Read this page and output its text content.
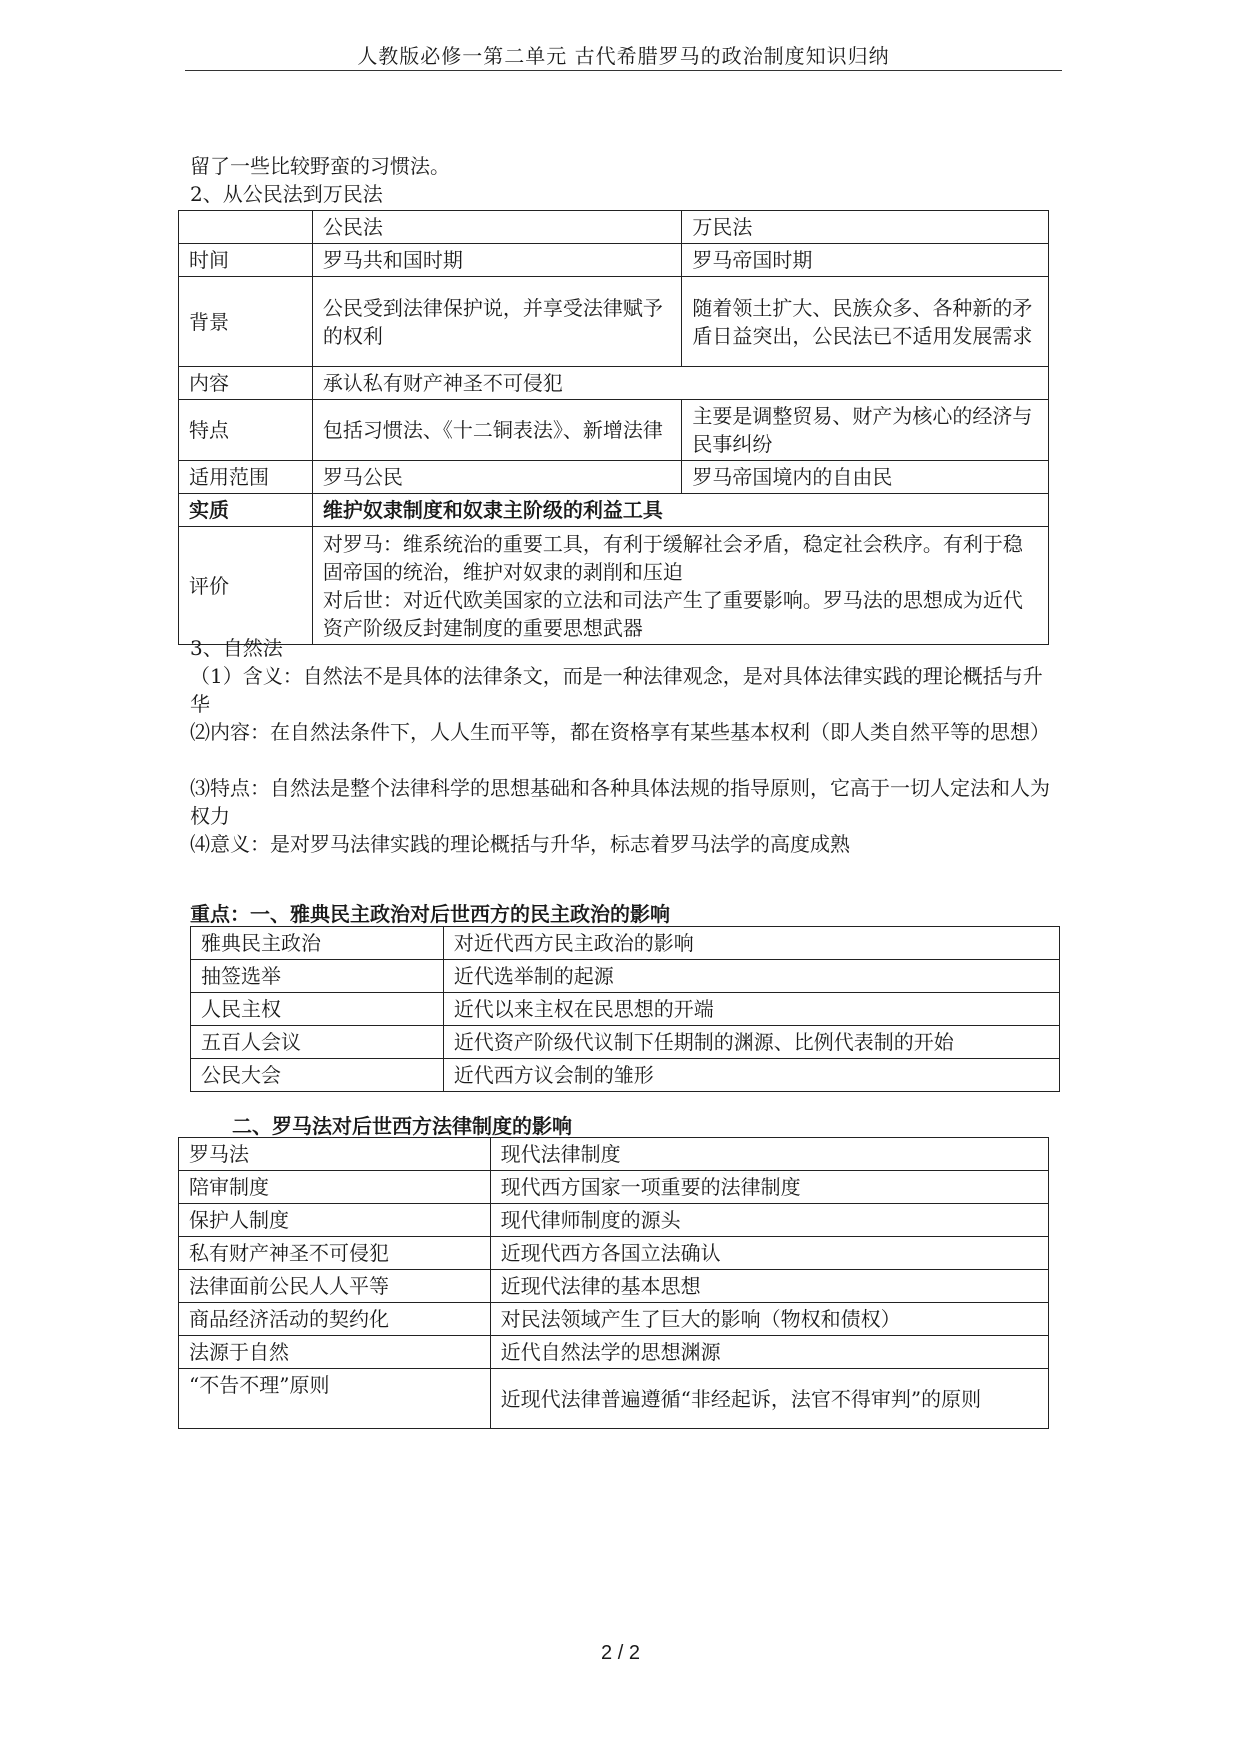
人教版必修一第二单元 古代希腊罗马的政治制度知识归纳
留了一些比较野蛮的习惯法。
2、从公民法到万民法
	公民法	万民法
时间	罗马共和国时期	罗马帝国时期
背景	公民受到法律保护说，并享受法律赋予的权利	随着领土扩大、民族众多、各种新的矛盾日益突出，公民法已不适用发展需求
内容	承认私有财产神圣不可侵犯	
特点	包括习惯法、《十二铜表法》、新增法律	主要是调整贸易、财产为核心的经济与民事纠纷
适用范围	罗马公民	罗马帝国境内的自由民
实质	维护奴隶制度和奴隶主阶级的利益工具	
评价	对罗马：维系统治的重要工具，有利于缓解社会矛盾，稳定社会秩序。有利于稳固帝国的统治，维护对奴隶的剥削和压迫
对后世：对近代欧美国家的立法和司法产生了重要影响。罗马法的思想成为近代资产阶级反封建制度的重要思想武器	
3、自然法
（1）含义：自然法不是具体的法律条文，而是一种法律观念，是对具体法律实践的理论概括与升华
⑵内容：在自然法条件下，人人生而平等，都在资格享有某些基本权利（即人类自然平等的思想）
⑶特点：自然法是整个法律科学的思想基础和各种具体法规的指导原则，它高于一切人定法和人为权力
⑷意义：是对罗马法律实践的理论概括与升华，标志着罗马法学的高度成熟
重点：一、雅典民主政治对后世西方的民主政治的影响
雅典民主政治	对近代西方民主政治的影响
抽签选举	近代选举制的起源
人民主权	近代以来主权在民思想的开端
五百人会议	近代资产阶级代议制下任期制的渊源、比例代表制的开始
公民大会	近代西方议会制的雏形
二、罗马法对后世西方法律制度的影响
罗马法	现代法律制度
陪审制度	现代西方国家一项重要的法律制度
保护人制度	现代律师制度的源头
私有财产神圣不可侵犯	近现代西方各国立法确认
法律面前公民人人平等	近现代法律的基本思想
商品经济活动的契约化	对民法领域产生了巨大的影响（物权和债权）
法源于自然	近代自然法学的思想渊源
“不告不理”原则	近现代法律普遍遵循“非经起诉，法官不得审判”的原则
2 / 2
